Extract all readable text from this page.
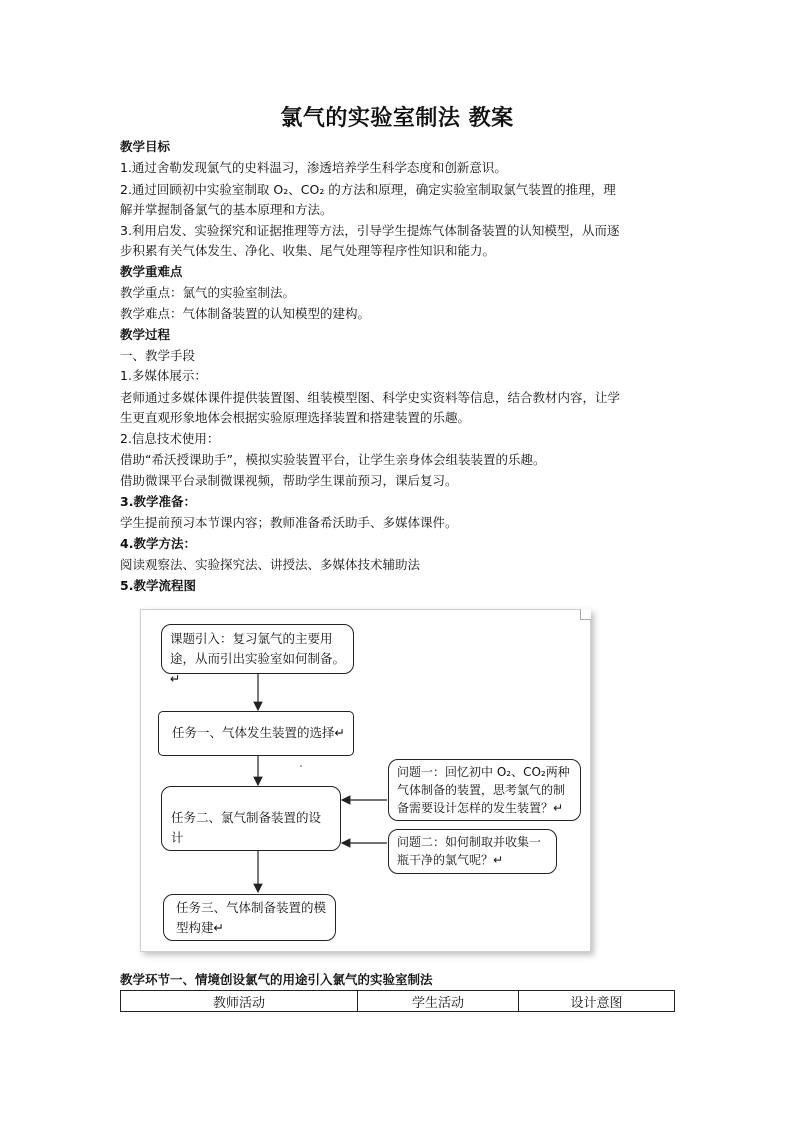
氯气的实验室制法 教案
教学目标
1.通过舍勒发现氯气的史料温习，渗透培养学生科学态度和创新意识。
2.通过回顾初中实验室制取 O₂、CO₂ 的方法和原理，确定实验室制取氯气装置的推理，理
解并掌握制备氯气的基本原理和方法。
3.利用启发、实验探究和证据推理等方法，引导学生提炼气体制备装置的认知模型，从而逐
步积累有关气体发生、净化、收集、尾气处理等程序性知识和能力。
教学重难点
教学重点：氯气的实验室制法。
教学难点：气体制备装置的认知模型的建构。
教学过程
一、教学手段
1.多媒体展示：
老师通过多媒体课件提供装置图、组装模型图、科学史实资料等信息，结合教材内容，让学
生更直观形象地体会根据实验原理选择装置和搭建装置的乐趣。
2.信息技术使用：
借助“希沃授课助手”，模拟实验装置平台，让学生亲身体会组装装置的乐趣。
借助微课平台录制微课视频，帮助学生课前预习，课后复习。
3.教学准备：
学生提前预习本节课内容；教师准备希沃助手、多媒体课件。
4.教学方法：
阅读观察法、实验探究法、讲授法、多媒体技术辅助法
5.教学流程图
课题引入：复习氯气的主要用途，从而引出实验室如何制备。↵
任务一、气体发生装置的选择↵
任务二、氯气制备装置的设计
任务三、气体制备装置的模型构建↵
问题一：回忆初中 O₂、CO₂两种气体制备的装置，思考氯气的制备需要设计怎样的发生装置？↵
问题二：如何制取并收集一瓶干净的氯气呢？↵
教学环节一、情境创设氯气的用途引入氯气的实验室制法
教师活动	学生活动	设计意图
